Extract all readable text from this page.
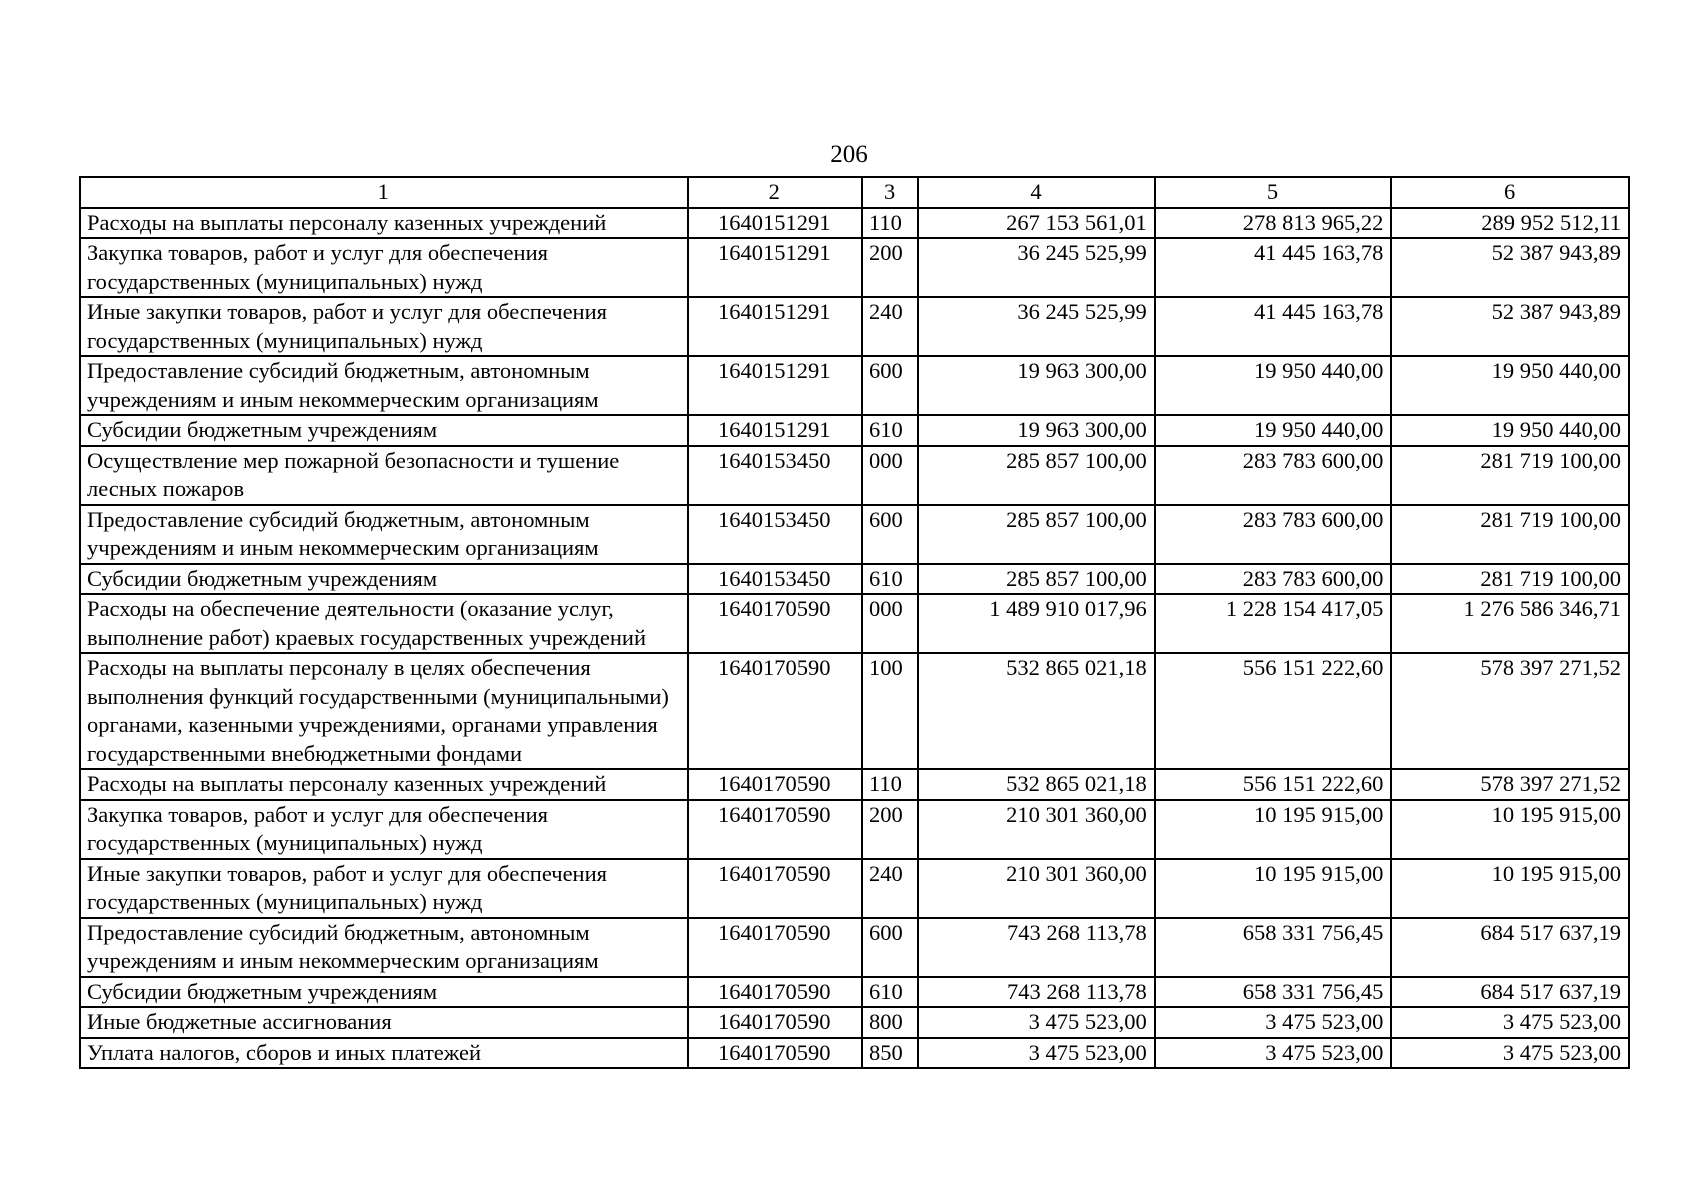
206
1	2	3	4	5	6
Расходы на выплаты персоналу казенных учреждений	1640151291	110	267 153 561,01	278 813 965,22	289 952 512,11
Закупка товаров, работ и услуг для обеспечения государственных (муниципальных) нужд	1640151291	200	36 245 525,99	41 445 163,78	52 387 943,89
Иные закупки товаров, работ и услуг для обеспечения государственных (муниципальных) нужд	1640151291	240	36 245 525,99	41 445 163,78	52 387 943,89
Предоставление субсидий бюджетным, автономным учреждениям и иным некоммерческим организациям	1640151291	600	19 963 300,00	19 950 440,00	19 950 440,00
Субсидии бюджетным учреждениям	1640151291	610	19 963 300,00	19 950 440,00	19 950 440,00
Осуществление мер пожарной безопасности и тушение лесных пожаров	1640153450	000	285 857 100,00	283 783 600,00	281 719 100,00
Предоставление субсидий бюджетным, автономным учреждениям и иным некоммерческим организациям	1640153450	600	285 857 100,00	283 783 600,00	281 719 100,00
Субсидии бюджетным учреждениям	1640153450	610	285 857 100,00	283 783 600,00	281 719 100,00
Расходы на обеспечение деятельности (оказание услуг, выполнение работ) краевых государственных учреждений	1640170590	000	1 489 910 017,96	1 228 154 417,05	1 276 586 346,71
Расходы на выплаты персоналу в целях обеспечения выполнения функций государственными (муниципальными) органами, казенными учреждениями, органами управления государственными внебюджетными фондами	1640170590	100	532 865 021,18	556 151 222,60	578 397 271,52
Расходы на выплаты персоналу казенных учреждений	1640170590	110	532 865 021,18	556 151 222,60	578 397 271,52
Закупка товаров, работ и услуг для обеспечения государственных (муниципальных) нужд	1640170590	200	210 301 360,00	10 195 915,00	10 195 915,00
Иные закупки товаров, работ и услуг для обеспечения государственных (муниципальных) нужд	1640170590	240	210 301 360,00	10 195 915,00	10 195 915,00
Предоставление субсидий бюджетным, автономным учреждениям и иным некоммерческим организациям	1640170590	600	743 268 113,78	658 331 756,45	684 517 637,19
Субсидии бюджетным учреждениям	1640170590	610	743 268 113,78	658 331 756,45	684 517 637,19
Иные бюджетные ассигнования	1640170590	800	3 475 523,00	3 475 523,00	3 475 523,00
Уплата налогов, сборов и иных платежей	1640170590	850	3 475 523,00	3 475 523,00	3 475 523,00
